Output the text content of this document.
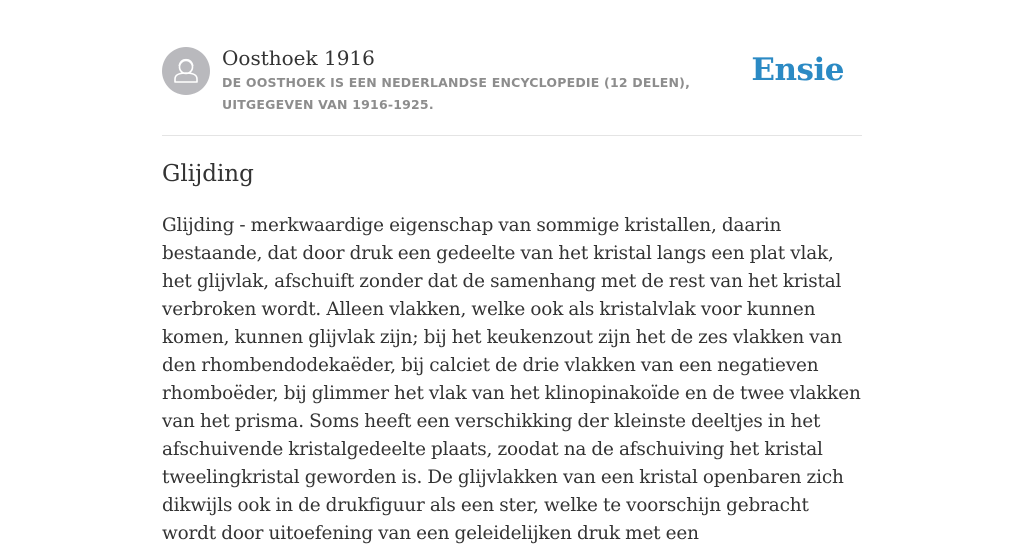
Oosthoek 1916
DE OOSTHOEK IS EEN NEDERLANDSE ENCYCLOPEDIE (12 DELEN), UITGEGEVEN VAN 1916-1925.
Ensie
Glijding

Glijding - merkwaardige eigenschap van sommige kristallen, daarin bestaande, dat door druk een gedeelte van het kristal langs een plat vlak, het glijvlak, afschuift zonder dat de samenhang met de rest van het kristal verbroken wordt. Alleen vlakken, welke ook als kristalvlak voor kunnen komen, kunnen glijvlak zijn; bij het keukenzout zijn het de zes vlakken van den rhombendodekaëder, bij calciet de drie vlakken van een negatieven rhomboëder, bij glimmer het vlak van het klinopinakoïde en de twee vlakken van het prisma. Soms heeft een verschikking der kleinste deeltjes in het afschuivende kristalgedeelte plaats, zoodat na de afschuiving het kristal tweelingkristal geworden is. De glijvlakken van een kristal openbaren zich dikwijls ook in de drukfiguur als een ster, welke te voorschijn gebracht wordt door uitoefening van een geleidelijken druk met een
